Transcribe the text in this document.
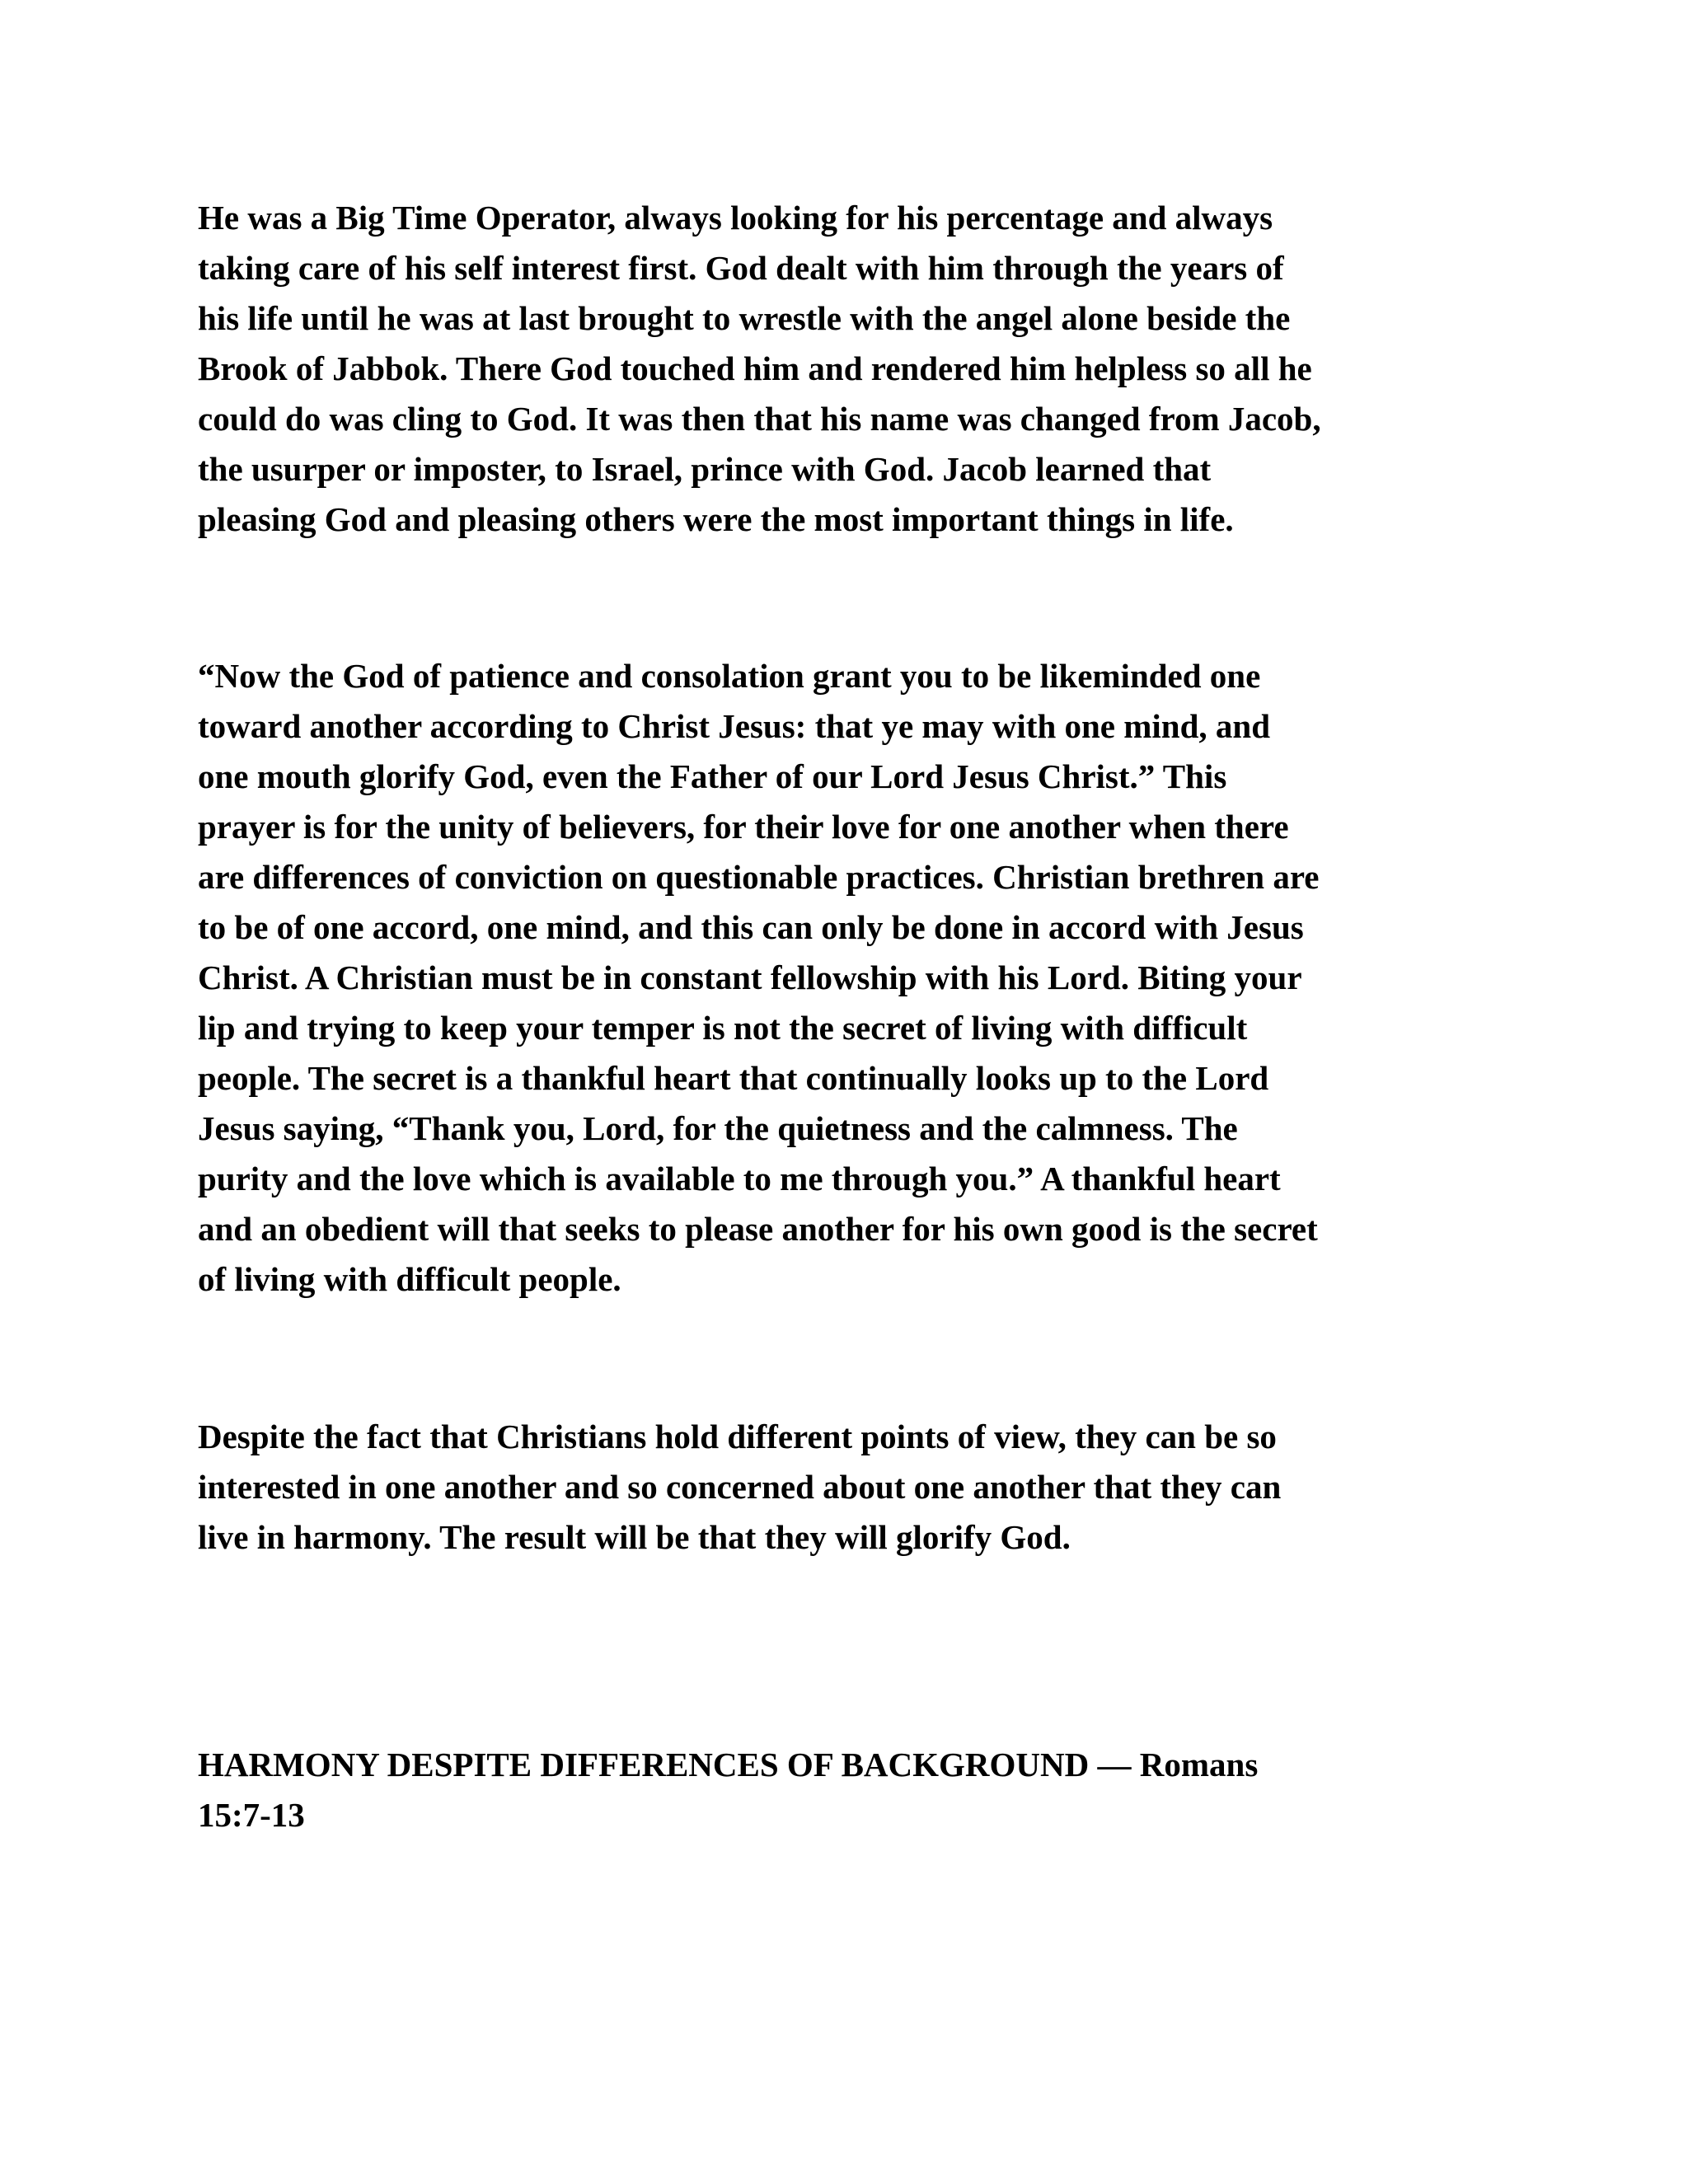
He was a Big Time Operator, always looking for his percentage and always
taking care of his self interest first. God dealt with him through the years of
his life until he was at last brought to wrestle with the angel alone beside the
Brook of Jabbok. There God touched him and rendered him helpless so all he
could do was cling to God. It was then that his name was changed from Jacob,
the usurper or imposter, to Israel, prince with God. Jacob learned that
pleasing God and pleasing others were the most important things in life.

“Now the God of patience and consolation grant you to be likeminded one
toward another according to Christ Jesus: that ye may with one mind, and
one mouth glorify God, even the Father of our Lord Jesus Christ.” This
prayer is for the unity of believers, for their love for one another when there
are differences of conviction on questionable practices. Christian brethren are
to be of one accord, one mind, and this can only be done in accord with Jesus
Christ. A Christian must be in constant fellowship with his Lord. Biting your
lip and trying to keep your temper is not the secret of living with difficult
people. The secret is a thankful heart that continually looks up to the Lord
Jesus saying, “Thank you, Lord, for the quietness and the calmness. The
purity and the love which is available to me through you.” A thankful heart
and an obedient will that seeks to please another for his own good is the secret
of living with difficult people.

Despite the fact that Christians hold different points of view, they can be so
interested in one another and so concerned about one another that they can
live in harmony. The result will be that they will glorify God.

HARMONY DESPITE DIFFERENCES OF BACKGROUND — Romans
15:7-13
